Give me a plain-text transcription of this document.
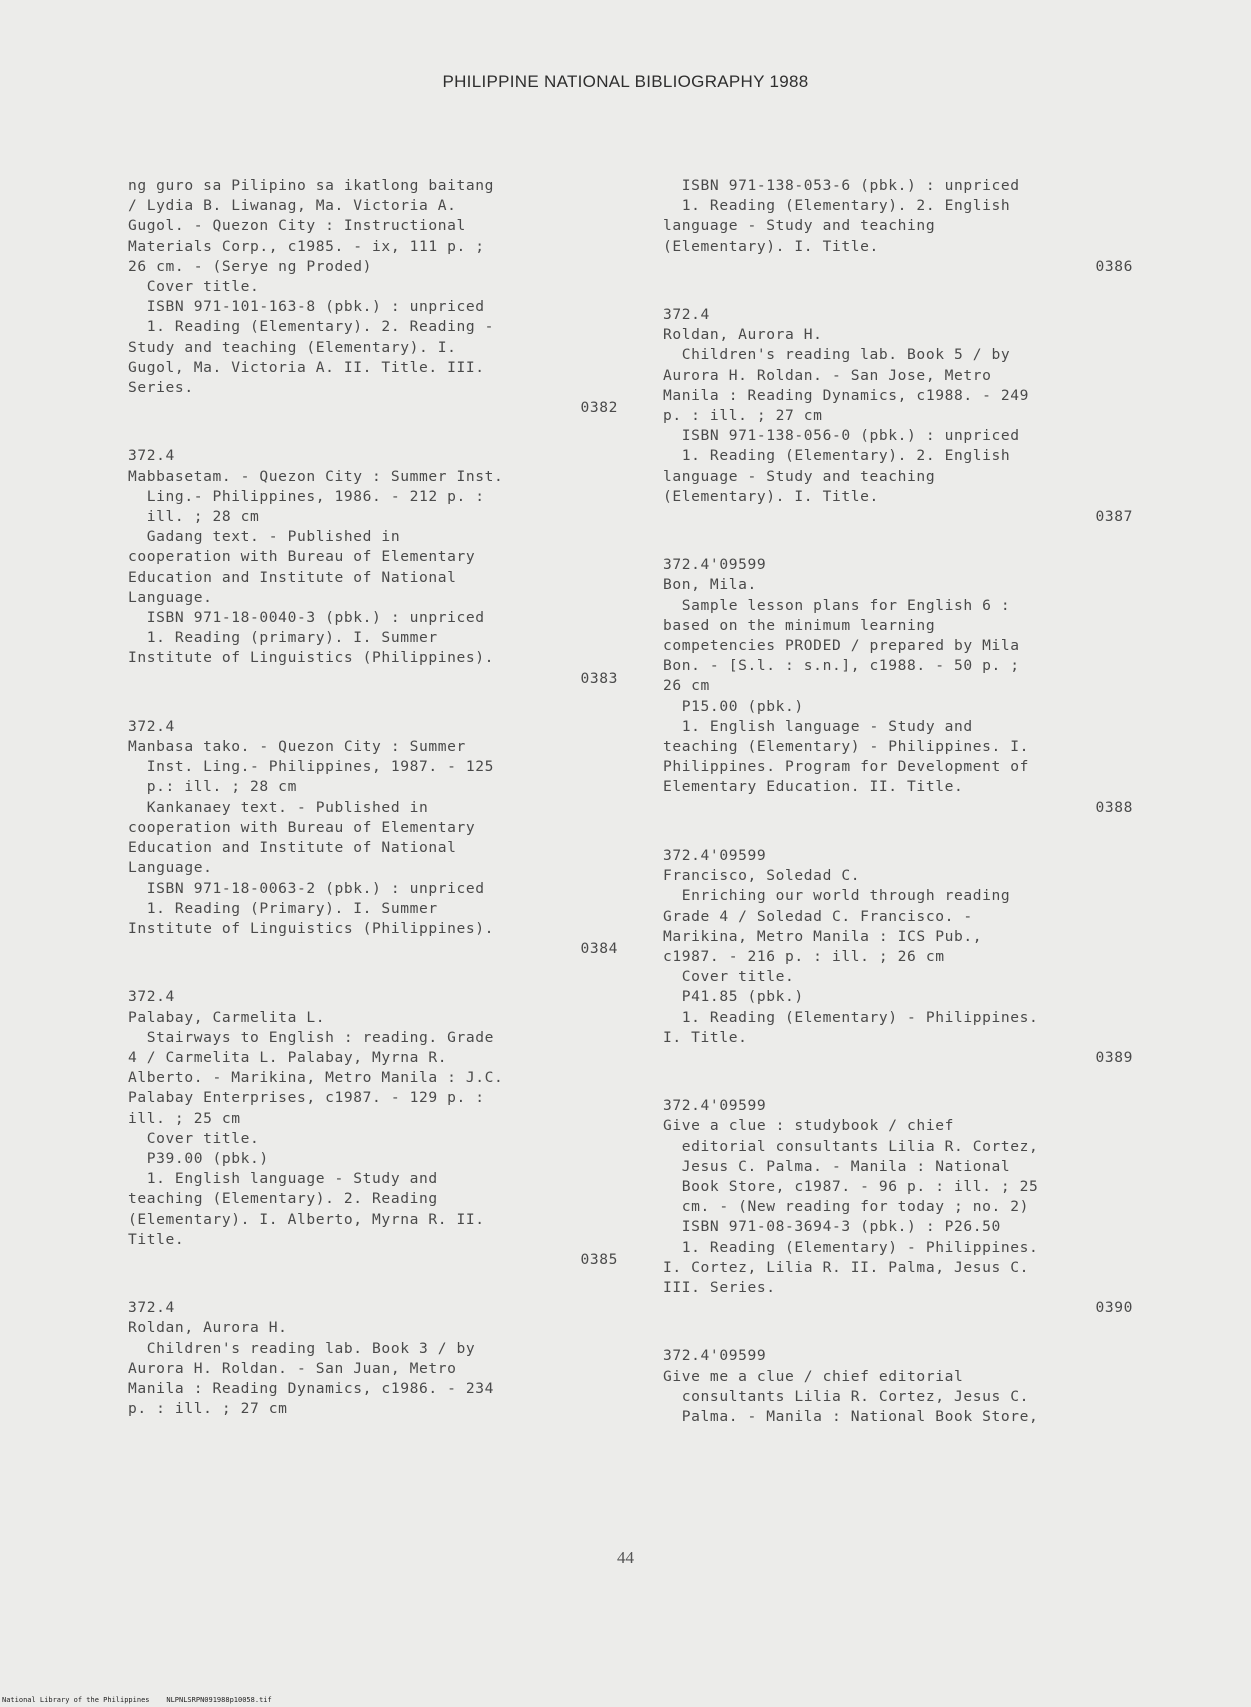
PHILIPPINE NATIONAL BIBLIOGRAPHY 1988
ng guro sa Pilipino sa ikatlong baitang
/ Lydia B. Liwanag, Ma. Victoria A.
Gugol. - Quezon City : Instructional
Materials Corp., c1985. - ix, 111 p. ;
26 cm. - (Serye ng Proded)
Cover title.
ISBN 971-101-163-8 (pbk.) : unpriced
1. Reading (Elementary). 2. Reading -
Study and teaching (Elementary). I.
Gugol, Ma. Victoria A. II. Title. III.
Series.
0382
372.4
Mabbasetam. - Quezon City : Summer Inst.
Ling.- Philippines, 1986. - 212 p. :
ill. ; 28 cm
Gadang text. - Published in
cooperation with Bureau of Elementary
Education and Institute of National
Language.
ISBN 971-18-0040-3 (pbk.) : unpriced
1. Reading (primary). I. Summer
Institute of Linguistics (Philippines).
0383
372.4
Manbasa tako. - Quezon City : Summer
Inst. Ling.- Philippines, 1987. - 125
p.: ill. ; 28 cm
Kankanaey text. - Published in
cooperation with Bureau of Elementary
Education and Institute of National
Language.
ISBN 971-18-0063-2 (pbk.) : unpriced
1. Reading (Primary). I. Summer
Institute of Linguistics (Philippines).
0384
372.4
Palabay, Carmelita L.
Stairways to English : reading. Grade
4 / Carmelita L. Palabay, Myrna R.
Alberto. - Marikina, Metro Manila : J.C.
Palabay Enterprises, c1987. - 129 p. :
ill. ; 25 cm
Cover title.
P39.00 (pbk.)
1. English language - Study and
teaching (Elementary). 2. Reading
(Elementary). I. Alberto, Myrna R. II.
Title.
0385
372.4
Roldan, Aurora H.
Children's reading lab. Book 3 / by
Aurora H. Roldan. - San Juan, Metro
Manila : Reading Dynamics, c1986. - 234
p. : ill. ; 27 cm
ISBN 971-138-053-6 (pbk.) : unpriced
1. Reading (Elementary). 2. English
language - Study and teaching
(Elementary). I. Title.
0386
372.4
Roldan, Aurora H.
Children's reading lab. Book 5 / by
Aurora H. Roldan. - San Jose, Metro
Manila : Reading Dynamics, c1988. - 249
p. : ill. ; 27 cm
ISBN 971-138-056-0 (pbk.) : unpriced
1. Reading (Elementary). 2. English
language - Study and teaching
(Elementary). I. Title.
0387
372.4'09599
Bon, Mila.
Sample lesson plans for English 6 :
based on the minimum learning
competencies PRODED / prepared by Mila
Bon. - [S.l. : s.n.], c1988. - 50 p. ;
26 cm
P15.00 (pbk.)
1. English language - Study and
teaching (Elementary) - Philippines. I.
Philippines. Program for Development of
Elementary Education. II. Title.
0388
372.4'09599
Francisco, Soledad C.
Enriching our world through reading
Grade 4 / Soledad C. Francisco. -
Marikina, Metro Manila : ICS Pub.,
c1987. - 216 p. : ill. ; 26 cm
Cover title.
P41.85 (pbk.)
1. Reading (Elementary) - Philippines.
I. Title.
0389
372.4'09599
Give a clue : studybook / chief
editorial consultants Lilia R. Cortez,
Jesus C. Palma. - Manila : National
Book Store, c1987. - 96 p. : ill. ; 25
cm. - (New reading for today ; no. 2)
ISBN 971-08-3694-3 (pbk.) : P26.50
1. Reading (Elementary) - Philippines.
I. Cortez, Lilia R. II. Palma, Jesus C.
III. Series.
0390
372.4'09599
Give me a clue / chief editorial
consultants Lilia R. Cortez, Jesus C.
Palma. - Manila : National Book Store,
44
National Library of the Philippines    NLPNLSRPN091988p10058.tif
